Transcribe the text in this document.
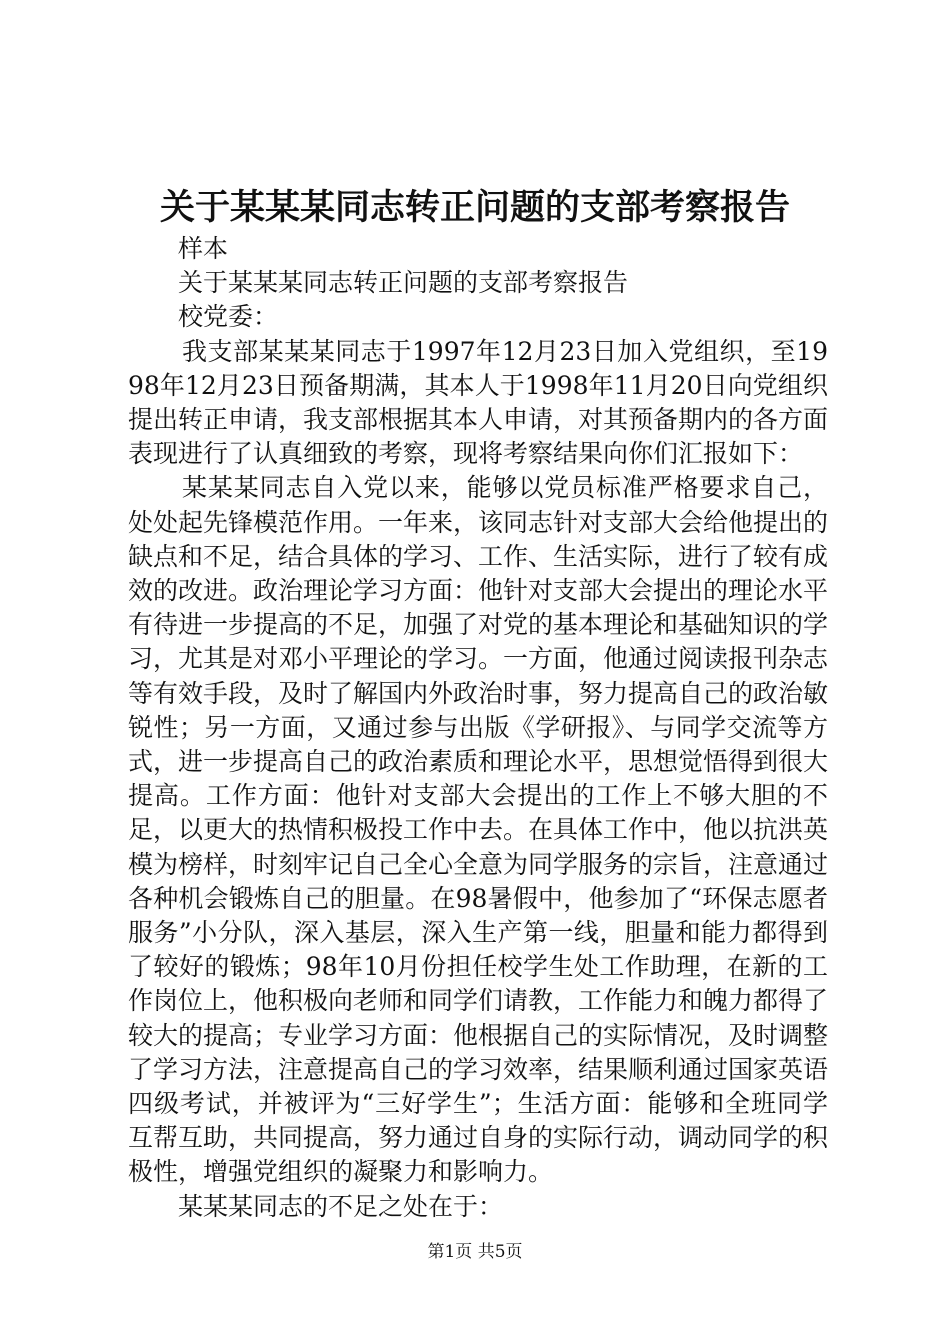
关于某某某同志转正问题的支部考察报告

样本

关于某某某同志转正问题的支部考察报告

校党委：

我支部某某某同志于1997年12月23日加入党组织，至1998年12月23日预备期满，其本人于1998年11月20日向党组织提出转正申请，我支部根据其本人申请，对其预备期内的各方面表现进行了认真细致的考察，现将考察结果向你们汇报如下：

某某某同志自入党以来，能够以党员标准严格要求自己，处处起先锋模范作用。一年来，该同志针对支部大会给他提出的缺点和不足，结合具体的学习、工作、生活实际，进行了较有成效的改进。政治理论学习方面：他针对支部大会提出的理论水平有待进一步提高的不足，加强了对党的基本理论和基础知识的学习，尤其是对邓小平理论的学习。一方面，他通过阅读报刊杂志等有效手段，及时了解国内外政治时事，努力提高自己的政治敏锐性；另一方面，又通过参与出版《学研报》、与同学交流等方式，进一步提高自己的政治素质和理论水平，思想觉悟得到很大提高。工作方面：他针对支部大会提出的工作上不够大胆的不足，以更大的热情积极投工作中去。在具体工作中，他以抗洪英模为榜样，时刻牢记自己全心全意为同学服务的宗旨，注意通过各种机会锻炼自己的胆量。在98暑假中，他参加了“环保志愿者服务”小分队，深入基层，深入生产第一线，胆量和能力都得到了较好的锻炼；98年10月份担任校学生处工作助理，在新的工作岗位上，他积极向老师和同学们请教，工作能力和魄力都得了较大的提高；专业学习方面：他根据自己的实际情况，及时调整了学习方法，注意提高自己的学习效率，结果顺利通过国家英语四级考试，并被评为“三好学生”；生活方面：能够和全班同学互帮互助，共同提高，努力通过自身的实际行动，调动同学的积极性，增强党组织的凝聚力和影响力。

某某某同志的不足之处在于：

第1页 共5页
